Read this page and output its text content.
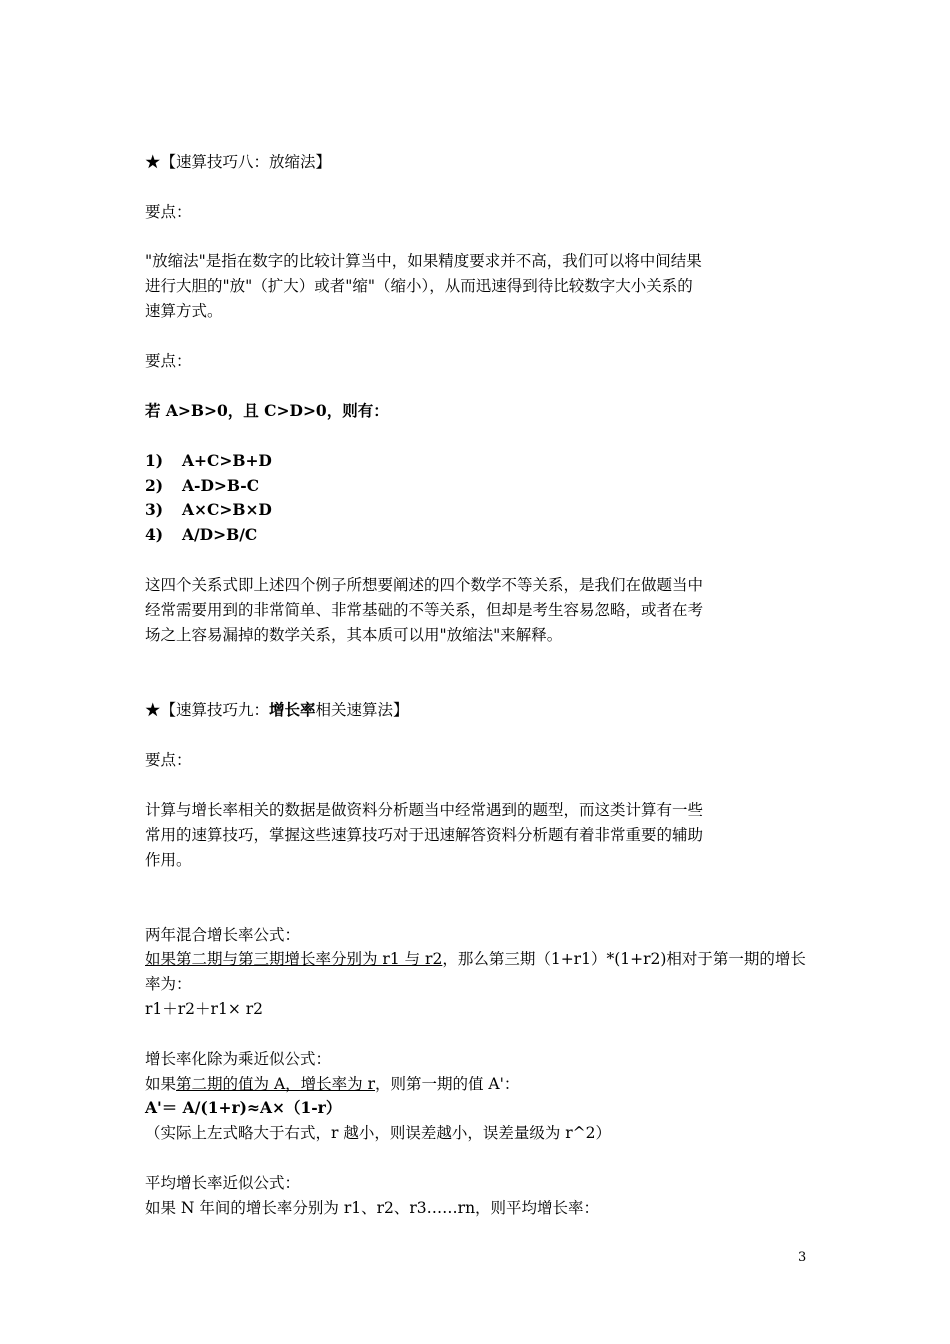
★【速算技巧八：放缩法】
要点：
"放缩法"是指在数字的比较计算当中，如果精度要求并不高，我们可以将中间结果
进行大胆的"放"（扩大）或者"缩"（缩小），从而迅速得到待比较数字大小关系的
速算方式。
要点：
若 A>B>0，且 C>D>0，则有：
1) A+C>B+D
2) A-D>B-C
3) A×C>B×D
4) A/D>B/C
这四个关系式即上述四个例子所想要阐述的四个数学不等关系，是我们在做题当中
经常需要用到的非常简单、非常基础的不等关系，但却是考生容易忽略，或者在考
场之上容易漏掉的数学关系，其本质可以用"放缩法"来解释。
★【速算技巧九：增长率相关速算法】
要点：
计算与增长率相关的数据是做资料分析题当中经常遇到的题型，而这类计算有一些
常用的速算技巧，掌握这些速算技巧对于迅速解答资料分析题有着非常重要的辅助
作用。
两年混合增长率公式：
如果第二期与第三期增长率分别为 r1 与 r2，那么第三期（1+r1）*(1+r2)相对于第一期的增长
率为：
r1＋r2＋r1× r2
增长率化除为乘近似公式：
如果第二期的值为 A，增长率为 r，则第一期的值 A'：
A'＝ A/(1+r)≈A×（1-r）
（实际上左式略大于右式，r 越小，则误差越小，误差量级为 r^2）
平均增长率近似公式：
如果 N 年间的增长率分别为 r1、r2、r3……rn，则平均增长率：
3
